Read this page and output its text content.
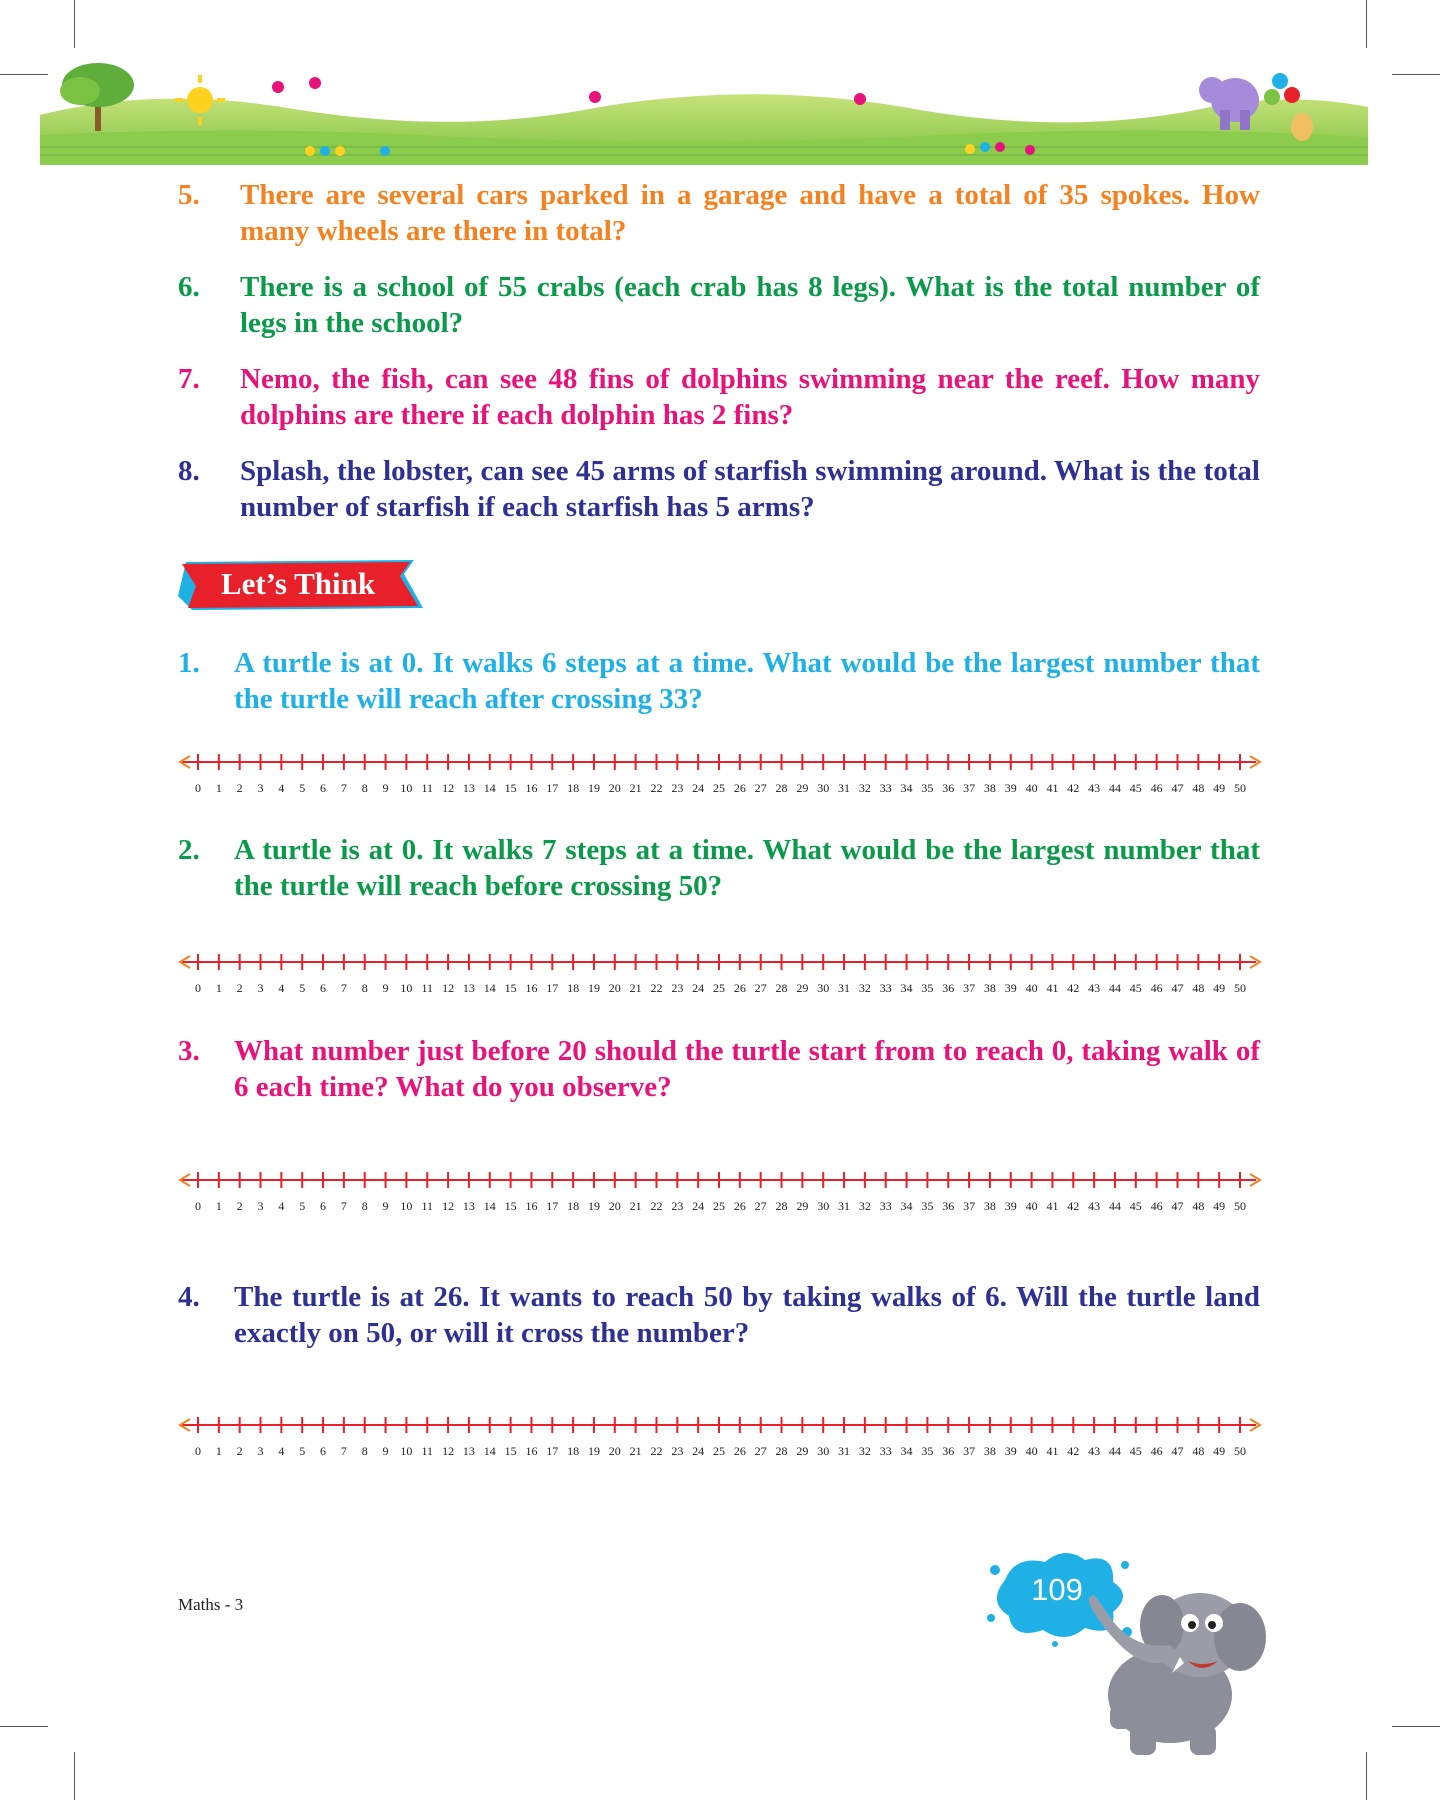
5. There are several cars parked in a garage and have a total of 35 spokes. How many wheels are there in total?
6. There is a school of 55 crabs (each crab has 8 legs). What is the total number of legs in the school?
7. Nemo, the fish, can see 48 fins of dolphins swimming near the reef. How many dolphins are there if each dolphin has 2 fins?
8. Splash, the lobster, can see 45 arms of starfish swimming around. What is the total number of starfish if each starfish has 5 arms?
Let’s Think
1. A turtle is at 0. It walks 6 steps at a time. What would be the largest number that the turtle will reach after crossing 33?
0 1 2 3 4 5 6 7 8 9 10 11 12 13 14 15 16 17 18 19 20 21 22 23 24 25 26 27 28 29 30 31 32 33 34 35 36 37 38 39 40 41 42 43 44 45 46 47 48 49 50
2. A turtle is at 0. It walks 7 steps at a time. What would be the largest number that the turtle will reach before crossing 50?
0 1 2 3 4 5 6 7 8 9 10 11 12 13 14 15 16 17 18 19 20 21 22 23 24 25 26 27 28 29 30 31 32 33 34 35 36 37 38 39 40 41 42 43 44 45 46 47 48 49 50
3. What number just before 20 should the turtle start from to reach 0, taking walk of 6 each time? What do you observe?
0 1 2 3 4 5 6 7 8 9 10 11 12 13 14 15 16 17 18 19 20 21 22 23 24 25 26 27 28 29 30 31 32 33 34 35 36 37 38 39 40 41 42 43 44 45 46 47 48 49 50
4. The turtle is at 26. It wants to reach 50 by taking walks of 6. Will the turtle land exactly on 50, or will it cross the number?
0 1 2 3 4 5 6 7 8 9 10 11 12 13 14 15 16 17 18 19 20 21 22 23 24 25 26 27 28 29 30 31 32 33 34 35 36 37 38 39 40 41 42 43 44 45 46 47 48 49 50
Maths - 3	109
